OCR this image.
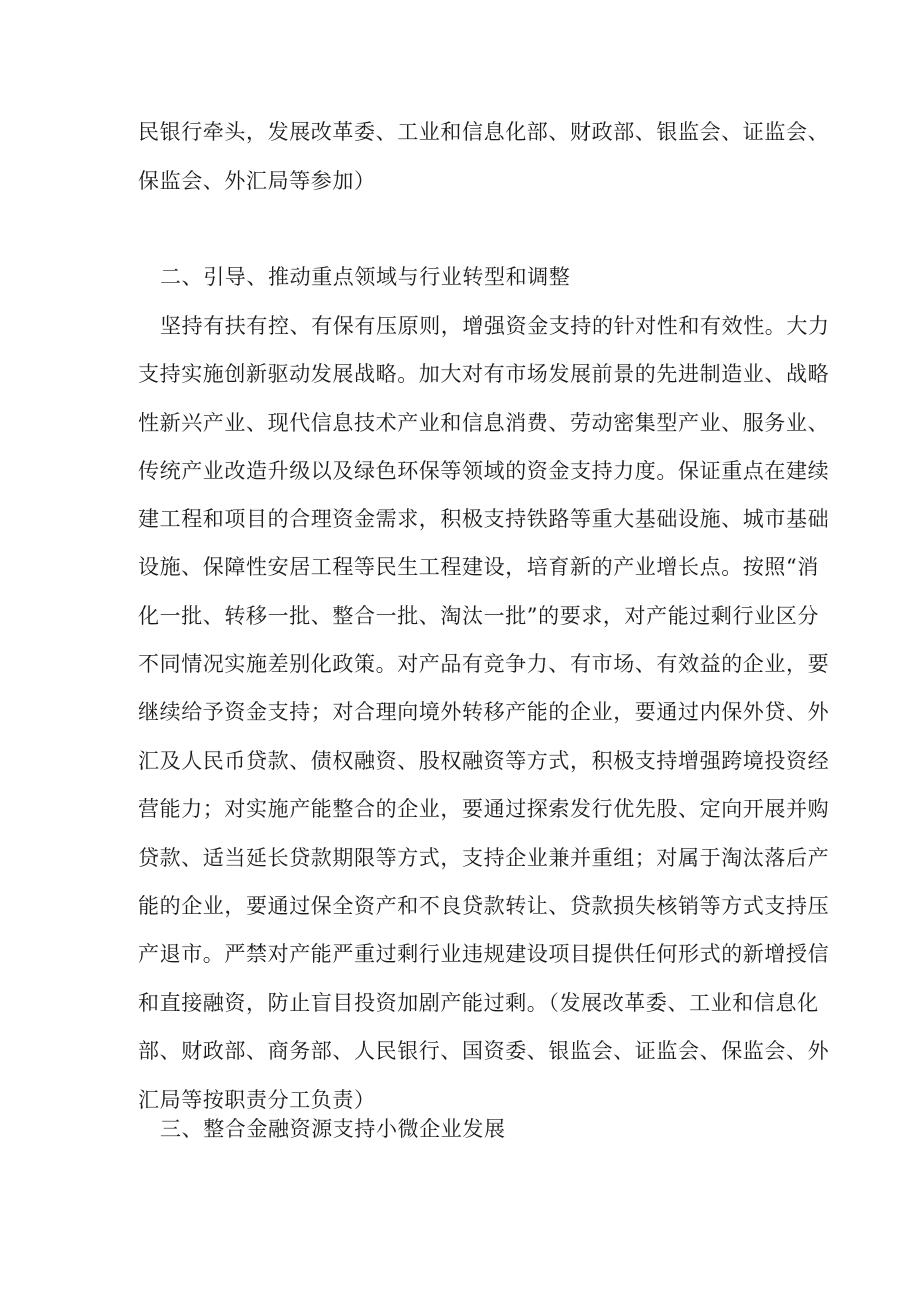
民银行牵头，发展改革委、工业和信息化部、财政部、银监会、证监会、
保监会、外汇局等参加）
二、引导、推动重点领域与行业转型和调整
坚持有扶有控、有保有压原则，增强资金支持的针对性和有效性。大力
支持实施创新驱动发展战略。加大对有市场发展前景的先进制造业、战略
性新兴产业、现代信息技术产业和信息消费、劳动密集型产业、服务业、
传统产业改造升级以及绿色环保等领域的资金支持力度。保证重点在建续
建工程和项目的合理资金需求，积极支持铁路等重大基础设施、城市基础
设施、保障性安居工程等民生工程建设，培育新的产业增长点。按照“消
化一批、转移一批、整合一批、淘汰一批”的要求，对产能过剩行业区分
不同情况实施差别化政策。对产品有竞争力、有市场、有效益的企业，要
继续给予资金支持；对合理向境外转移产能的企业，要通过内保外贷、外
汇及人民币贷款、债权融资、股权融资等方式，积极支持增强跨境投资经
营能力；对实施产能整合的企业，要通过探索发行优先股、定向开展并购
贷款、适当延长贷款期限等方式，支持企业兼并重组；对属于淘汰落后产
能的企业，要通过保全资产和不良贷款转让、贷款损失核销等方式支持压
产退市。严禁对产能严重过剩行业违规建设项目提供任何形式的新增授信
和直接融资，防止盲目投资加剧产能过剩。（发展改革委、工业和信息化
部、财政部、商务部、人民银行、国资委、银监会、证监会、保监会、外
汇局等按职责分工负责）
三、整合金融资源支持小微企业发展
